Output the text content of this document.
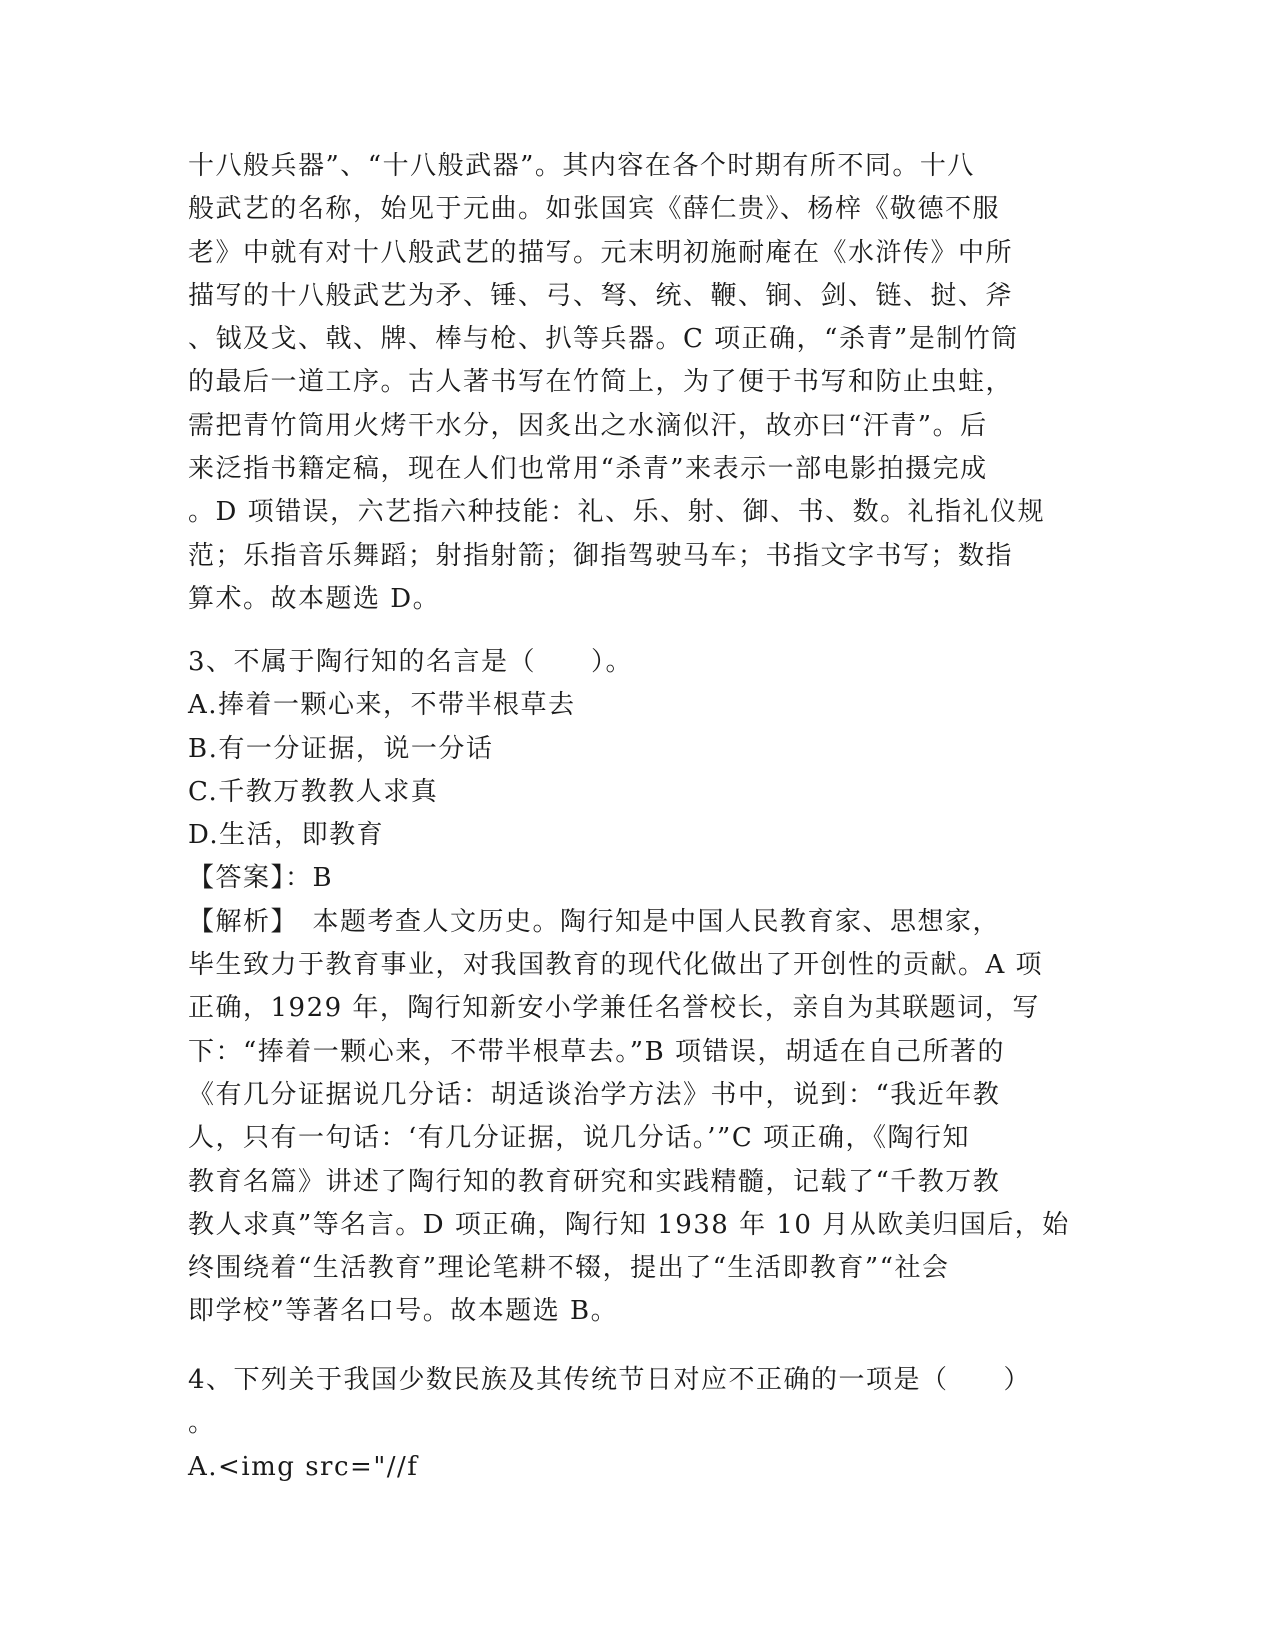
十八般兵器”、“十八般武器”。其内容在各个时期有所不同。十八
般武艺的名称，始见于元曲。如张国宾《薛仁贵》、杨梓《敬德不服
老》中就有对十八般武艺的描写。元末明初施耐庵在《水浒传》中所
描写的十八般武艺为矛、锤、弓、弩、统、鞭、锏、剑、链、挝、斧
、钺及戈、戟、牌、棒与枪、扒等兵器。C 项正确，“杀青”是制竹筒
的最后一道工序。古人著书写在竹简上，为了便于书写和防止虫蛀，
需把青竹筒用火烤干水分，因炙出之水滴似汗，故亦曰“汗青”。后
来泛指书籍定稿，现在人们也常用“杀青”来表示一部电影拍摄完成
。D 项错误，六艺指六种技能：礼、乐、射、御、书、数。礼指礼仪规
范；乐指音乐舞蹈；射指射箭；御指驾驶马车；书指文字书写；数指
算术。故本题选 D。
3、不属于陶行知的名言是（　　）。
A.捧着一颗心来，不带半根草去
B.有一分证据，说一分话
C.千教万教教人求真
D.生活，即教育
【答案】：B
【解析】　本题考查人文历史。陶行知是中国人民教育家、思想家，
毕生致力于教育事业，对我国教育的现代化做出了开创性的贡献。A 项
正确，1929 年，陶行知新安小学兼任名誉校长，亲自为其联题词，写
下：“捧着一颗心来，不带半根草去。”B 项错误，胡适在自己所著的
《有几分证据说几分话：胡适谈治学方法》书中，说到：“我近年教
人，只有一句话：‘有几分证据，说几分话。’”C 项正确，《陶行知
教育名篇》讲述了陶行知的教育研究和实践精髓，记载了“千教万教
教人求真”等名言。D 项正确，陶行知 1938 年 10 月从欧美归国后，始
终围绕着“生活教育”理论笔耕不辍，提出了“生活即教育”“社会
即学校”等著名口号。故本题选 B。
4、下列关于我国少数民族及其传统节日对应不正确的一项是（　　）
。
A.<img src="//f
